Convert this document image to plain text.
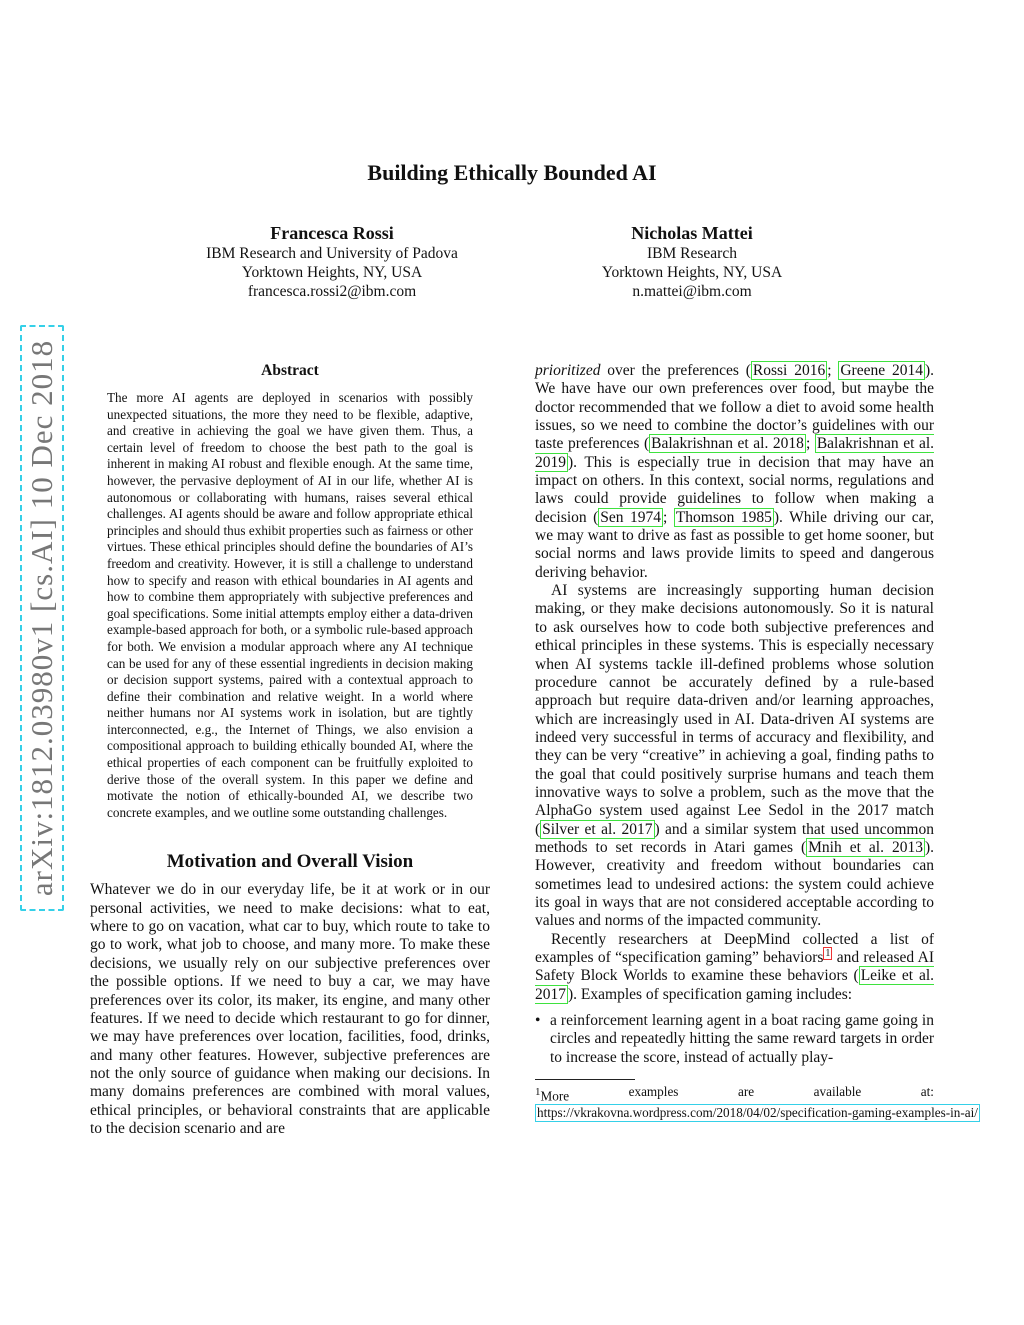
Building Ethically Bounded AI
Francesca Rossi
IBM Research and University of Padova
Yorktown Heights, NY, USA
francesca.rossi2@ibm.com
Nicholas Mattei
IBM Research
Yorktown Heights, NY, USA
n.mattei@ibm.com
arXiv:1812.03980v1 [cs.AI] 10 Dec 2018	Abstract

The more AI agents are deployed in scenarios with possibly unexpected situations, the more they need to be flexible, adaptive, and creative in achieving the goal we have given them. Thus, a certain level of freedom to choose the best path to the goal is inherent in making AI robust and flexible enough. At the same time, however, the pervasive deployment of AI in our life, whether AI is autonomous or collaborating with humans, raises several ethical challenges. AI agents should be aware and follow appropriate ethical principles and should thus exhibit properties such as fairness or other virtues. These ethical principles should define the boundaries of AI’s freedom and creativity. However, it is still a challenge to understand how to specify and reason with ethical boundaries in AI agents and how to combine them appropriately with subjective preferences and goal specifications. Some initial attempts employ either a data-driven example-based approach for both, or a symbolic rule-based approach for both. We envision a modular approach where any AI technique can be used for any of these essential ingredients in decision making or decision support systems, paired with a contextual approach to define their combination and relative weight. In a world where neither humans nor AI systems work in isolation, but are tightly interconnected, e.g., the Internet of Things, we also envision a compositional approach to building ethically bounded AI, where the ethical properties of each component can be fruitfully exploited to derive those of the overall system. In this paper we define and motivate the notion of ethically-bounded AI, we describe two concrete examples, and we outline some outstanding challenges.

Motivation and Overall Vision

Whatever we do in our everyday life, be it at work or in our personal activities, we need to make decisions: what to eat, where to go on vacation, what car to buy, which route to take to go to work, what job to choose, and many more. To make these decisions, we usually rely on our subjective preferences over the possible options. If we need to buy a car, we may have preferences over its color, its maker, its engine, and many other features. If we need to decide which restaurant to go for dinner, we may have preferences over location, facilities, food, drinks, and many other features. However, subjective preferences are not the only source of guidance when making our decisions. In many domains preferences are combined with moral values, ethical principles, or behavioral constraints that are applicable to the decision scenario and are

prioritized over the preferences ( Rossi 2016 ; Greene 2014 ). We have have our own preferences over food, but maybe the doctor recommended that we follow a diet to avoid some health issues, so we need to combine the doctor’s guidelines with our taste preferences ( Balakrishnan et al. 2018 ; Balakrishnan et al. 2019 ). This is especially true in decision that may have an impact on others. In this context, social norms, regulations and laws could provide guidelines to follow when making a decision ( Sen 1974 ; Thomson 1985 ). While driving our car, we may want to drive as fast as possible to get home sooner, but social norms and laws provide limits to speed and dangerous deriving behavior.

AI systems are increasingly supporting human decision making, or they make decisions autonomously. So it is natural to ask ourselves how to code both subjective preferences and ethical principles in these systems. This is especially necessary when AI systems tackle ill-defined problems whose solution procedure cannot be accurately defined by a rule-based approach but require data-driven and/or learning approaches, which are increasingly used in AI. Data-driven AI systems are indeed very successful in terms of accuracy and flexibility, and they can be very “creative” in achieving a goal, finding paths to the goal that could positively surprise humans and teach them innovative ways to solve a problem, such as the move that the AlphaGo system used against Lee Sedol in the 2017 match ( Silver et al. 2017 ) and a similar system that used uncommon methods to set records in Atari games ( Mnih et al. 2013 ). However, creativity and freedom without boundaries can sometimes lead to undesired actions: the system could achieve its goal in ways that are not considered acceptable according to values and norms of the impacted community.

Recently researchers at DeepMind collected a list of examples of “specification gaming” behaviors $^1$ and released AI Safety Block Worlds to examine these behaviors ( Leike et al. 2017 ). Examples of specification gaming includes:

• a reinforcement learning agent in a boat racing game going in circles and repeatedly hitting the same reward targets in order to increase the score, instead of actually play-
$^1$More	examples	are	available	at:
https://vkrakovna.wordpress.com/2018/04/02/specification-gaming-examples-in-ai/
